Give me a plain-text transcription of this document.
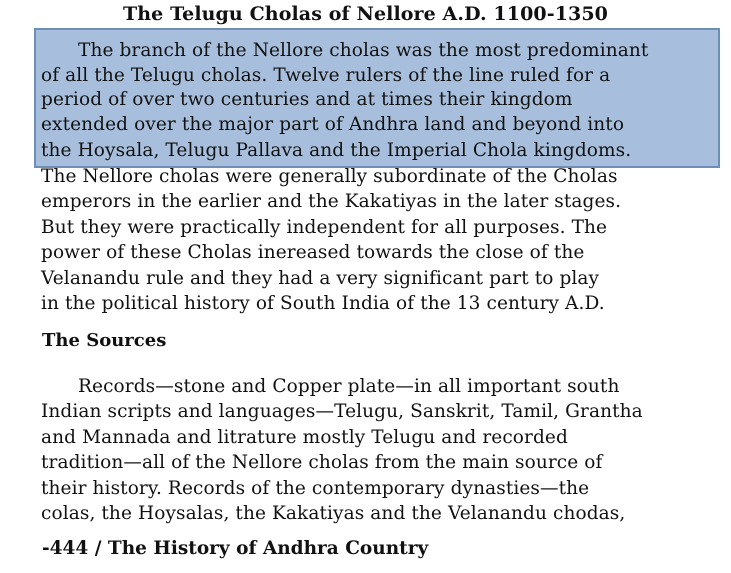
The Telugu Cholas of Nellore A.D. 1100-1350
The branch of the Nellore cholas was the most predominant
of all the Telugu cholas. Twelve rulers of the line ruled for a
period of over two centuries and at times their kingdom
extended over the major part of Andhra land and beyond into
the Hoysala, Telugu Pallava and the Imperial Chola kingdoms.
The Nellore cholas were generally subordinate of the Cholas
emperors in the earlier and the Kakatiyas in the later stages.
But they were practically independent for all purposes. The
power of these Cholas inereased towards the close of the
Velanandu rule and they had a very significant part to play
in the political history of South India of the 13 century A.D.
The Sources
Records—stone and Copper plate—in all important south
Indian scripts and languages—Telugu, Sanskrit, Tamil, Grantha
and Mannada and litrature mostly Telugu and recorded
tradition—all of the Nellore cholas from the main source of
their history. Records of the contemporary dynasties—the
colas, the Hoysalas, the Kakatiyas and the Velanandu chodas,
-444 / The History of Andhra Country
